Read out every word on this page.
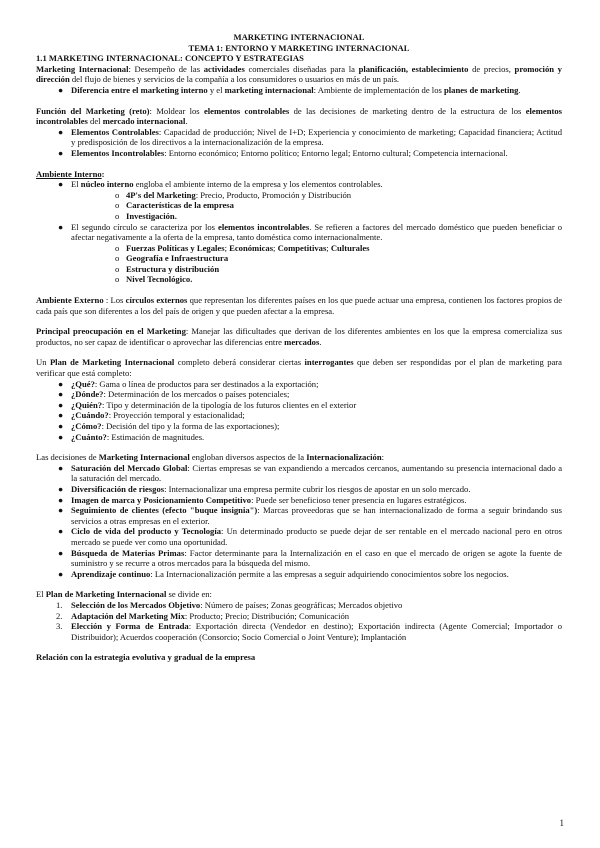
MARKETING INTERNACIONAL
TEMA 1: ENTORNO Y MARKETING INTERNACIONAL
1.1 MARKETING INTERNACIONAL: CONCEPTO Y ESTRATEGIAS

Marketing Internacional: Desempeño de las actividades comerciales diseñadas para la planificación, establecimiento de precios, promoción y dirección del flujo de bienes y servicios de la compañía a los consumidores o usuarios en más de un país.

● Diferencia entre el marketing interno y el marketing internacional: Ambiente de implementación de los planes de marketing.

Función del Marketing (reto): Moldear los elementos controlables de las decisiones de marketing dentro de la estructura de los elementos incontrolables del mercado internacional.

● Elementos Controlables: Capacidad de producción; Nivel de I+D; Experiencia y conocimiento de marketing; Capacidad financiera; Actitud y predisposición de los directivos a la internacionalización de la empresa.
● Elementos Incontrolables: Entorno económico; Entorno político; Entorno legal; Entorno cultural; Competencia internacional.
Ambiente Interno:
● El núcleo interno engloba el ambiente interno de la empresa y los elementos controlables.
o 4P's del Marketing: Precio, Producto, Promoción y Distribución
o Características de la empresa
o Investigación.
● El segundo círculo se caracteriza por los elementos incontrolables. Se refieren a factores del mercado doméstico que pueden beneficiar o afectar negativamente a la oferta de la empresa, tanto doméstica como internacionalmente.
o Fuerzas Políticas y Legales; Económicas; Competitivas; Culturales
o Geografía e Infraestructura
o Estructura y distribución
o Nivel Tecnológico.

Ambiente Externo : Los círculos externos que representan los diferentes países en los que puede actuar una empresa, contienen los factores propios de cada país que son diferentes a los del país de origen y que pueden afectar a la empresa.

Principal preocupación en el Marketing: Manejar las dificultades que derivan de los diferentes ambientes en los que la empresa comercializa sus productos, no ser capaz de identificar o aprovechar las diferencias entre mercados.

Un Plan de Marketing Internacional completo deberá considerar ciertas interrogantes que deben ser respondidas por el plan de marketing para verificar que está completo:

● ¿Qué?: Gama o línea de productos para ser destinados a la exportación;
● ¿Dónde?: Determinación de los mercados o países potenciales;
● ¿Quién?: Tipo y determinación de la tipología de los futuros clientes en el exterior
● ¿Cuándo?: Proyección temporal y estacionalidad;
● ¿Cómo?: Decisión del tipo y la forma de las exportaciones);
● ¿Cuánto?: Estimación de magnitudes.

Las decisiones de Marketing Internacional engloban diversos aspectos de la Internacionalización:

● Saturación del Mercado Global: Ciertas empresas se van expandiendo a mercados cercanos, aumentando su presencia internacional dado a la saturación del mercado.
● Diversificación de riesgos: Internacionalizar una empresa permite cubrir los riesgos de apostar en un solo mercado.
● Imagen de marca y Posicionamiento Competitivo: Puede ser beneficioso tener presencia en lugares estratégicos.
● Seguimiento de clientes (efecto "buque insignia"): Marcas proveedoras que se han internacionalizado de forma a seguir brindando sus servicios a otras empresas en el exterior.
● Ciclo de vida del producto y Tecnología: Un determinado producto se puede dejar de ser rentable en el mercado nacional pero en otros mercado se puede ver como una oportunidad.
● Búsqueda de Materias Primas: Factor determinante para la Internalización en el caso en que el mercado de origen se agote la fuente de suministro y se recurre a otros mercados para la búsqueda del mismo.
● Aprendizaje continuo: La Internacionalización permite a las empresas a seguir adquiriendo conocimientos sobre los negocios.

El Plan de Marketing Internacional se divide en:

1. Selección de los Mercados Objetivo: Número de países; Zonas geográficas; Mercados objetivo
2. Adaptación del Marketing Mix: Producto; Precio; Distribución; Comunicación
3. Elección y Forma de Entrada: Exportación directa (Vendedor en destino); Exportación indirecta (Agente Comercial; Importador o Distribuidor); Acuerdos cooperación (Consorcio; Socio Comercial o Joint Venture); Implantación
Relación con la estrategia evolutiva y gradual de la empresa
1
